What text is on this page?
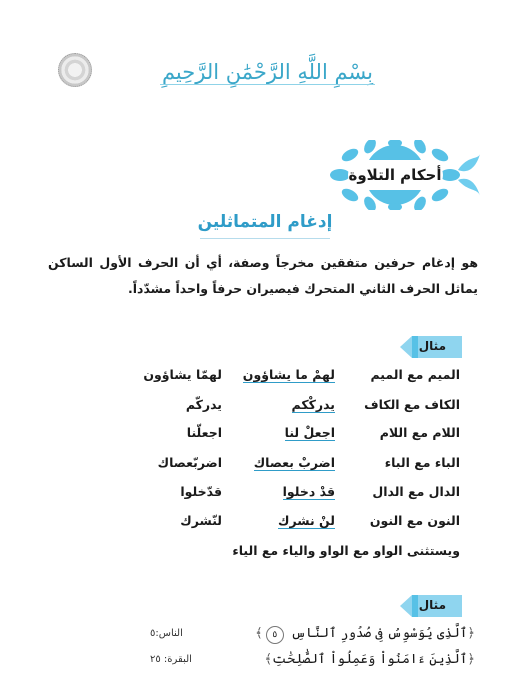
بِسْمِ اللَّهِ الرَّحْمَٰنِ الرَّحِيمِ
أحكام التلاوة
إدغام المتماثلين
هو إدغام حرفين متفقين مخرجاً وصفة، أي أن الحرف الأول الساكن يماثل الحرف الثاني المتحرك فيصيران حرفاً واحداً مشدّداً.
مثال
الميم مع الميم
لهمْ ما يشاؤون
لهمّا يشاؤون
الكاف مع الكاف
يدركْكم
يدركّم
اللام مع اللام
اجعلْ لنا
اجعلّنا
الباء مع الباء
اضربْ بعصاك
اضربّعصاك
الدال مع الدال
قدْ دخلوا
قدّخلوا
النون مع النون
لنْ نشرك
لنّشرك
ويستثنى الواو مع الواو والياء مع الياء
مثال
﴿ٱلَّذِى يُوَسْوِسُ فِى صُدُورِ ٱلنَّاسِ ٥﴾
الناس:٥
﴿ٱلَّذِينَ ءَامَنُواْ وَعَمِلُواْ ٱلصَّٰلِحَٰتِ﴾
البقرة: ٢٥
